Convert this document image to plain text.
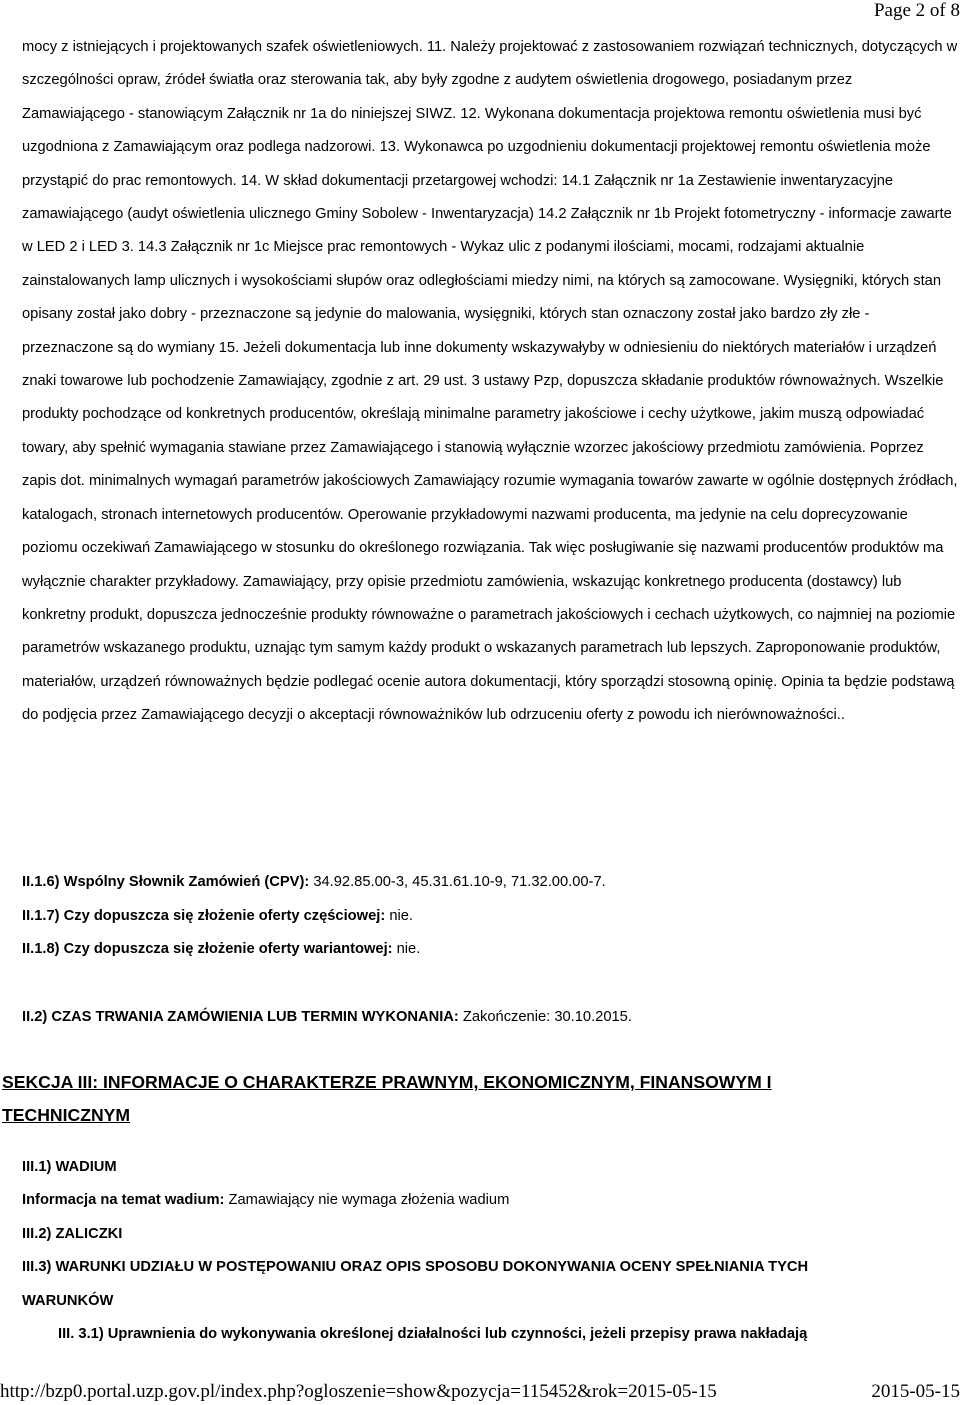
Page 2 of 8

mocy z istniejących i projektowanych szafek oświetleniowych. 11. Należy projektować z zastosowaniem rozwiązań technicznych, dotyczących w szczególności opraw, źródeł światła oraz sterowania tak, aby były zgodne z audytem oświetlenia drogowego, posiadanym przez Zamawiającego - stanowiącym Załącznik nr 1a do niniejszej SIWZ. 12. Wykonana dokumentacja projektowa remontu oświetlenia musi być uzgodniona z Zamawiającym oraz podlega nadzorowi. 13. Wykonawca po uzgodnieniu dokumentacji projektowej remontu oświetlenia może przystąpić do prac remontowych. 14. W skład dokumentacji przetargowej wchodzi: 14.1 Załącznik nr 1a Zestawienie inwentaryzacyjne zamawiającego (audyt oświetlenia ulicznego Gminy Sobolew - Inwentaryzacja) 14.2 Załącznik nr 1b Projekt fotometryczny - informacje zawarte w LED 2 i LED 3. 14.3 Załącznik nr 1c Miejsce prac remontowych - Wykaz ulic z podanymi ilościami, mocami, rodzajami aktualnie zainstalowanych lamp ulicznych i wysokościami słupów oraz odległościami miedzy nimi, na których są zamocowane. Wysięgniki, których stan opisany został jako dobry - przeznaczone są jedynie do malowania, wysięgniki, których stan oznaczony został jako bardzo zły złe - przeznaczone są do wymiany 15. Jeżeli dokumentacja lub inne dokumenty wskazywałyby w odniesieniu do niektórych materiałów i urządzeń znaki towarowe lub pochodzenie Zamawiający, zgodnie z art. 29 ust. 3 ustawy Pzp, dopuszcza składanie produktów równoważnych. Wszelkie produkty pochodzące od konkretnych producentów, określają minimalne parametry jakościowe i cechy użytkowe, jakim muszą odpowiadać towary, aby spełnić wymagania stawiane przez Zamawiającego i stanowią wyłącznie wzorzec jakościowy przedmiotu zamówienia. Poprzez zapis dot. minimalnych wymagań parametrów jakościowych Zamawiający rozumie wymagania towarów zawarte w ogólnie dostępnych źródłach, katalogach, stronach internetowych producentów. Operowanie przykładowymi nazwami producenta, ma jedynie na celu doprecyzowanie poziomu oczekiwań Zamawiającego w stosunku do określonego rozwiązania. Tak więc posługiwanie się nazwami producentów produktów ma wyłącznie charakter przykładowy. Zamawiający, przy opisie przedmiotu zamówienia, wskazując konkretnego producenta (dostawcy) lub konkretny produkt, dopuszcza jednocześnie produkty równoważne o parametrach jakościowych i cechach użytkowych, co najmniej na poziomie parametrów wskazanego produktu, uznając tym samym każdy produkt o wskazanych parametrach lub lepszych. Zaproponowanie produktów, materiałów, urządzeń równoważnych będzie podlegać ocenie autora dokumentacji, który sporządzi stosowną opinię. Opinia ta będzie podstawą do podjęcia przez Zamawiającego decyzji o akceptacji równoważników lub odrzuceniu oferty z powodu ich nierównoważności..

II.1.6) Wspólny Słownik Zamówień (CPV): 34.92.85.00-3, 45.31.61.10-9, 71.32.00.00-7.
II.1.7) Czy dopuszcza się złożenie oferty częściowej: nie.
II.1.8) Czy dopuszcza się złożenie oferty wariantowej: nie.
II.2) CZAS TRWANIA ZAMÓWIENIA LUB TERMIN WYKONANIA: Zakończenie: 30.10.2015.
SEKCJA III: INFORMACJE O CHARAKTERZE PRAWNYM, EKONOMICZNYM, FINANSOWYM I
TECHNICZNYM
III.1) WADIUM
Informacja na temat wadium: Zamawiający nie wymaga złożenia wadium
III.2) ZALICZKI
III.3) WARUNKI UDZIAŁU W POSTĘPOWANIU ORAZ OPIS SPOSOBU DOKONYWANIA OCENY SPEŁNIANIA TYCH
WARUNKÓW
III. 3.1) Uprawnienia do wykonywania określonej działalności lub czynności, jeżeli przepisy prawa nakładają
http://bzp0.portal.uzp.gov.pl/index.php?ogloszenie=show&pozycja=115452&rok=2015-05-15	2015-05-15
